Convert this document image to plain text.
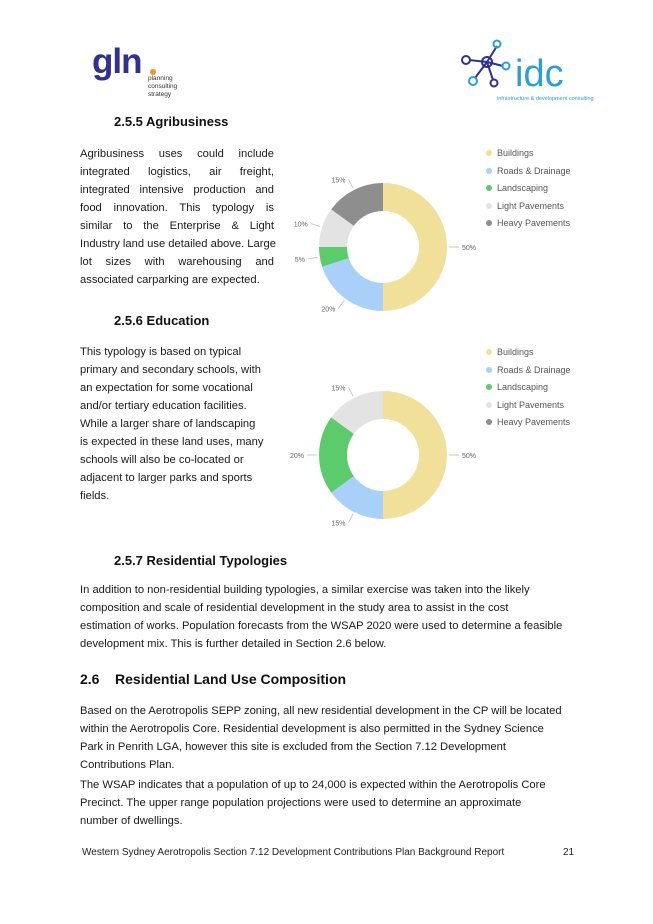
gln planning
consulting
strategy	idc
infrastructure & development consulting
2.5.5 Agribusiness
Agribusiness uses could include
integrated logistics, air freight,
integrated intensive production and
food innovation. This typology is
similar to the Enterprise & Light
Industry land use detailed above. Large
lot sizes with warehousing and
associated carparking are expected.
50%
20%
5%
10%
15%
Buildings
Roads & Drainage
Landscaping
Light Pavements
Heavy Pavements
2.5.6 Education
This typology is based on typical
primary and secondary schools, with
an expectation for some vocational
and/or tertiary education facilities.
While a larger share of landscaping
is expected in these land uses, many
schools will also be co-located or
adjacent to larger parks and sports
fields.
50%
15%
20%
15%
Buildings
Roads & Drainage
Landscaping
Light Pavements
Heavy Pavements
2.5.7 Residential Typologies
In addition to non-residential building typologies, a similar exercise was taken into the likely
composition and scale of residential development in the study area to assist in the cost
estimation of works. Population forecasts from the WSAP 2020 were used to determine a feasible
development mix. This is further detailed in Section 2.6 below.
2.6    Residential Land Use Composition
Based on the Aerotropolis SEPP zoning, all new residential development in the CP will be located
within the Aerotropolis Core. Residential development is also permitted in the Sydney Science
Park in Penrith LGA, however this site is excluded from the Section 7.12 Development
Contributions Plan.
The WSAP indicates that a population of up to 24,000 is expected within the Aerotropolis Core
Precinct. The upper range population projections were used to determine an approximate
number of dwellings.
Western Sydney Aerotropolis Section 7.12 Development Contributions Plan Background Report	21
